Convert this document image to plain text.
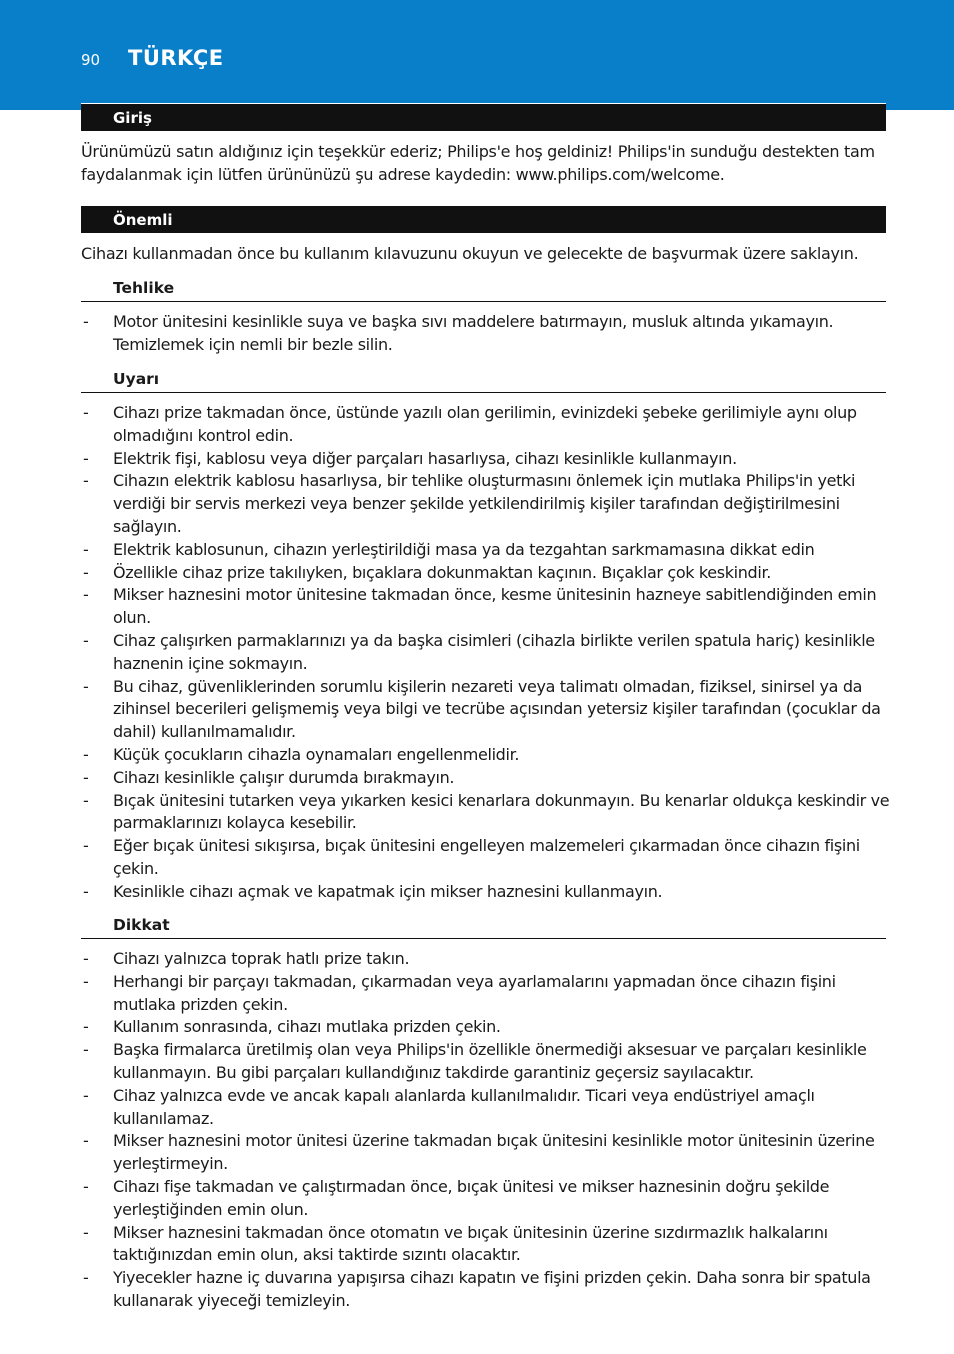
90 TÜRKÇE
Giriş
Ürünümüzü satın aldığınız için teşekkür ederiz; Philips'e hoş geldiniz! Philips'in sunduğu destekten tam faydalanmak için lütfen ürününüzü şu adrese kaydedin: www.philips.com/welcome.
Önemli
Cihazı kullanmadan önce bu kullanım kılavuzunu okuyun ve gelecekte de başvurmak üzere saklayın.
Tehlike
- Motor ünitesini kesinlikle suya ve başka sıvı maddelere batırmayın, musluk altında yıkamayın. Temizlemek için nemli bir bezle silin.
Uyarı
- Cihazı prize takmadan önce, üstünde yazılı olan gerilimin, evinizdeki şebeke gerilimiyle aynı olup olmadığını kontrol edin.
- Elektrik fişi, kablosu veya diğer parçaları hasarlıysa, cihazı kesinlikle kullanmayın.
- Cihazın elektrik kablosu hasarlıysa, bir tehlike oluşturmasını önlemek için mutlaka Philips'in yetki verdiği bir servis merkezi veya benzer şekilde yetkilendirilmiş kişiler tarafından değiştirilmesini sağlayın.
- Elektrik kablosunun, cihazın yerleştirildiği masa ya da tezgahtan sarkmamasına dikkat edin
- Özellikle cihaz prize takılıyken, bıçaklara dokunmaktan kaçının. Bıçaklar çok keskindir.
- Mikser haznesini motor ünitesine takmadan önce, kesme ünitesinin hazneye sabitlendiğinden emin olun.
- Cihaz çalışırken parmaklarınızı ya da başka cisimleri (cihazla birlikte verilen spatula hariç) kesinlikle haznenin içine sokmayın.
- Bu cihaz, güvenliklerinden sorumlu kişilerin nezareti veya talimatı olmadan, fiziksel, sinirsel ya da zihinsel becerileri gelişmemiş veya bilgi ve tecrübe açısından yetersiz kişiler tarafından (çocuklar da dahil) kullanılmamalıdır.
- Küçük çocukların cihazla oynamaları engellenmelidir.
- Cihazı kesinlikle çalışır durumda bırakmayın.
- Bıçak ünitesini tutarken veya yıkarken kesici kenarlara dokunmayın. Bu kenarlar oldukça keskindir ve parmaklarınızı kolayca kesebilir.
- Eğer bıçak ünitesi sıkışırsa, bıçak ünitesini engelleyen malzemeleri çıkarmadan önce cihazın fişini çekin.
- Kesinlikle cihazı açmak ve kapatmak için mikser haznesini kullanmayın.
Dikkat
- Cihazı yalnızca toprak hatlı prize takın.
- Herhangi bir parçayı takmadan, çıkarmadan veya ayarlamalarını yapmadan önce cihazın fişini mutlaka prizden çekin.
- Kullanım sonrasında, cihazı mutlaka prizden çekin.
- Başka firmalarca üretilmiş olan veya Philips'in özellikle önermediği aksesuar ve parçaları kesinlikle kullanmayın. Bu gibi parçaları kullandığınız takdirde garantiniz geçersiz sayılacaktır.
- Cihaz yalnızca evde ve ancak kapalı alanlarda kullanılmalıdır. Ticari veya endüstriyel amaçlı kullanılamaz.
- Mikser haznesini motor ünitesi üzerine takmadan bıçak ünitesini kesinlikle motor ünitesinin üzerine yerleştirmeyin.
- Cihazı fişe takmadan ve çalıştırmadan önce, bıçak ünitesi ve mikser haznesinin doğru şekilde yerleştiğinden emin olun.
- Mikser haznesini takmadan önce otomatın ve bıçak ünitesinin üzerine sızdırmazlık halkalarını taktığınızdan emin olun, aksi taktirde sızıntı olacaktır.
- Yiyecekler hazne iç duvarına yapışırsa cihazı kapatın ve fişini prizden çekin. Daha sonra bir spatula kullanarak yiyeceği temizleyin.
